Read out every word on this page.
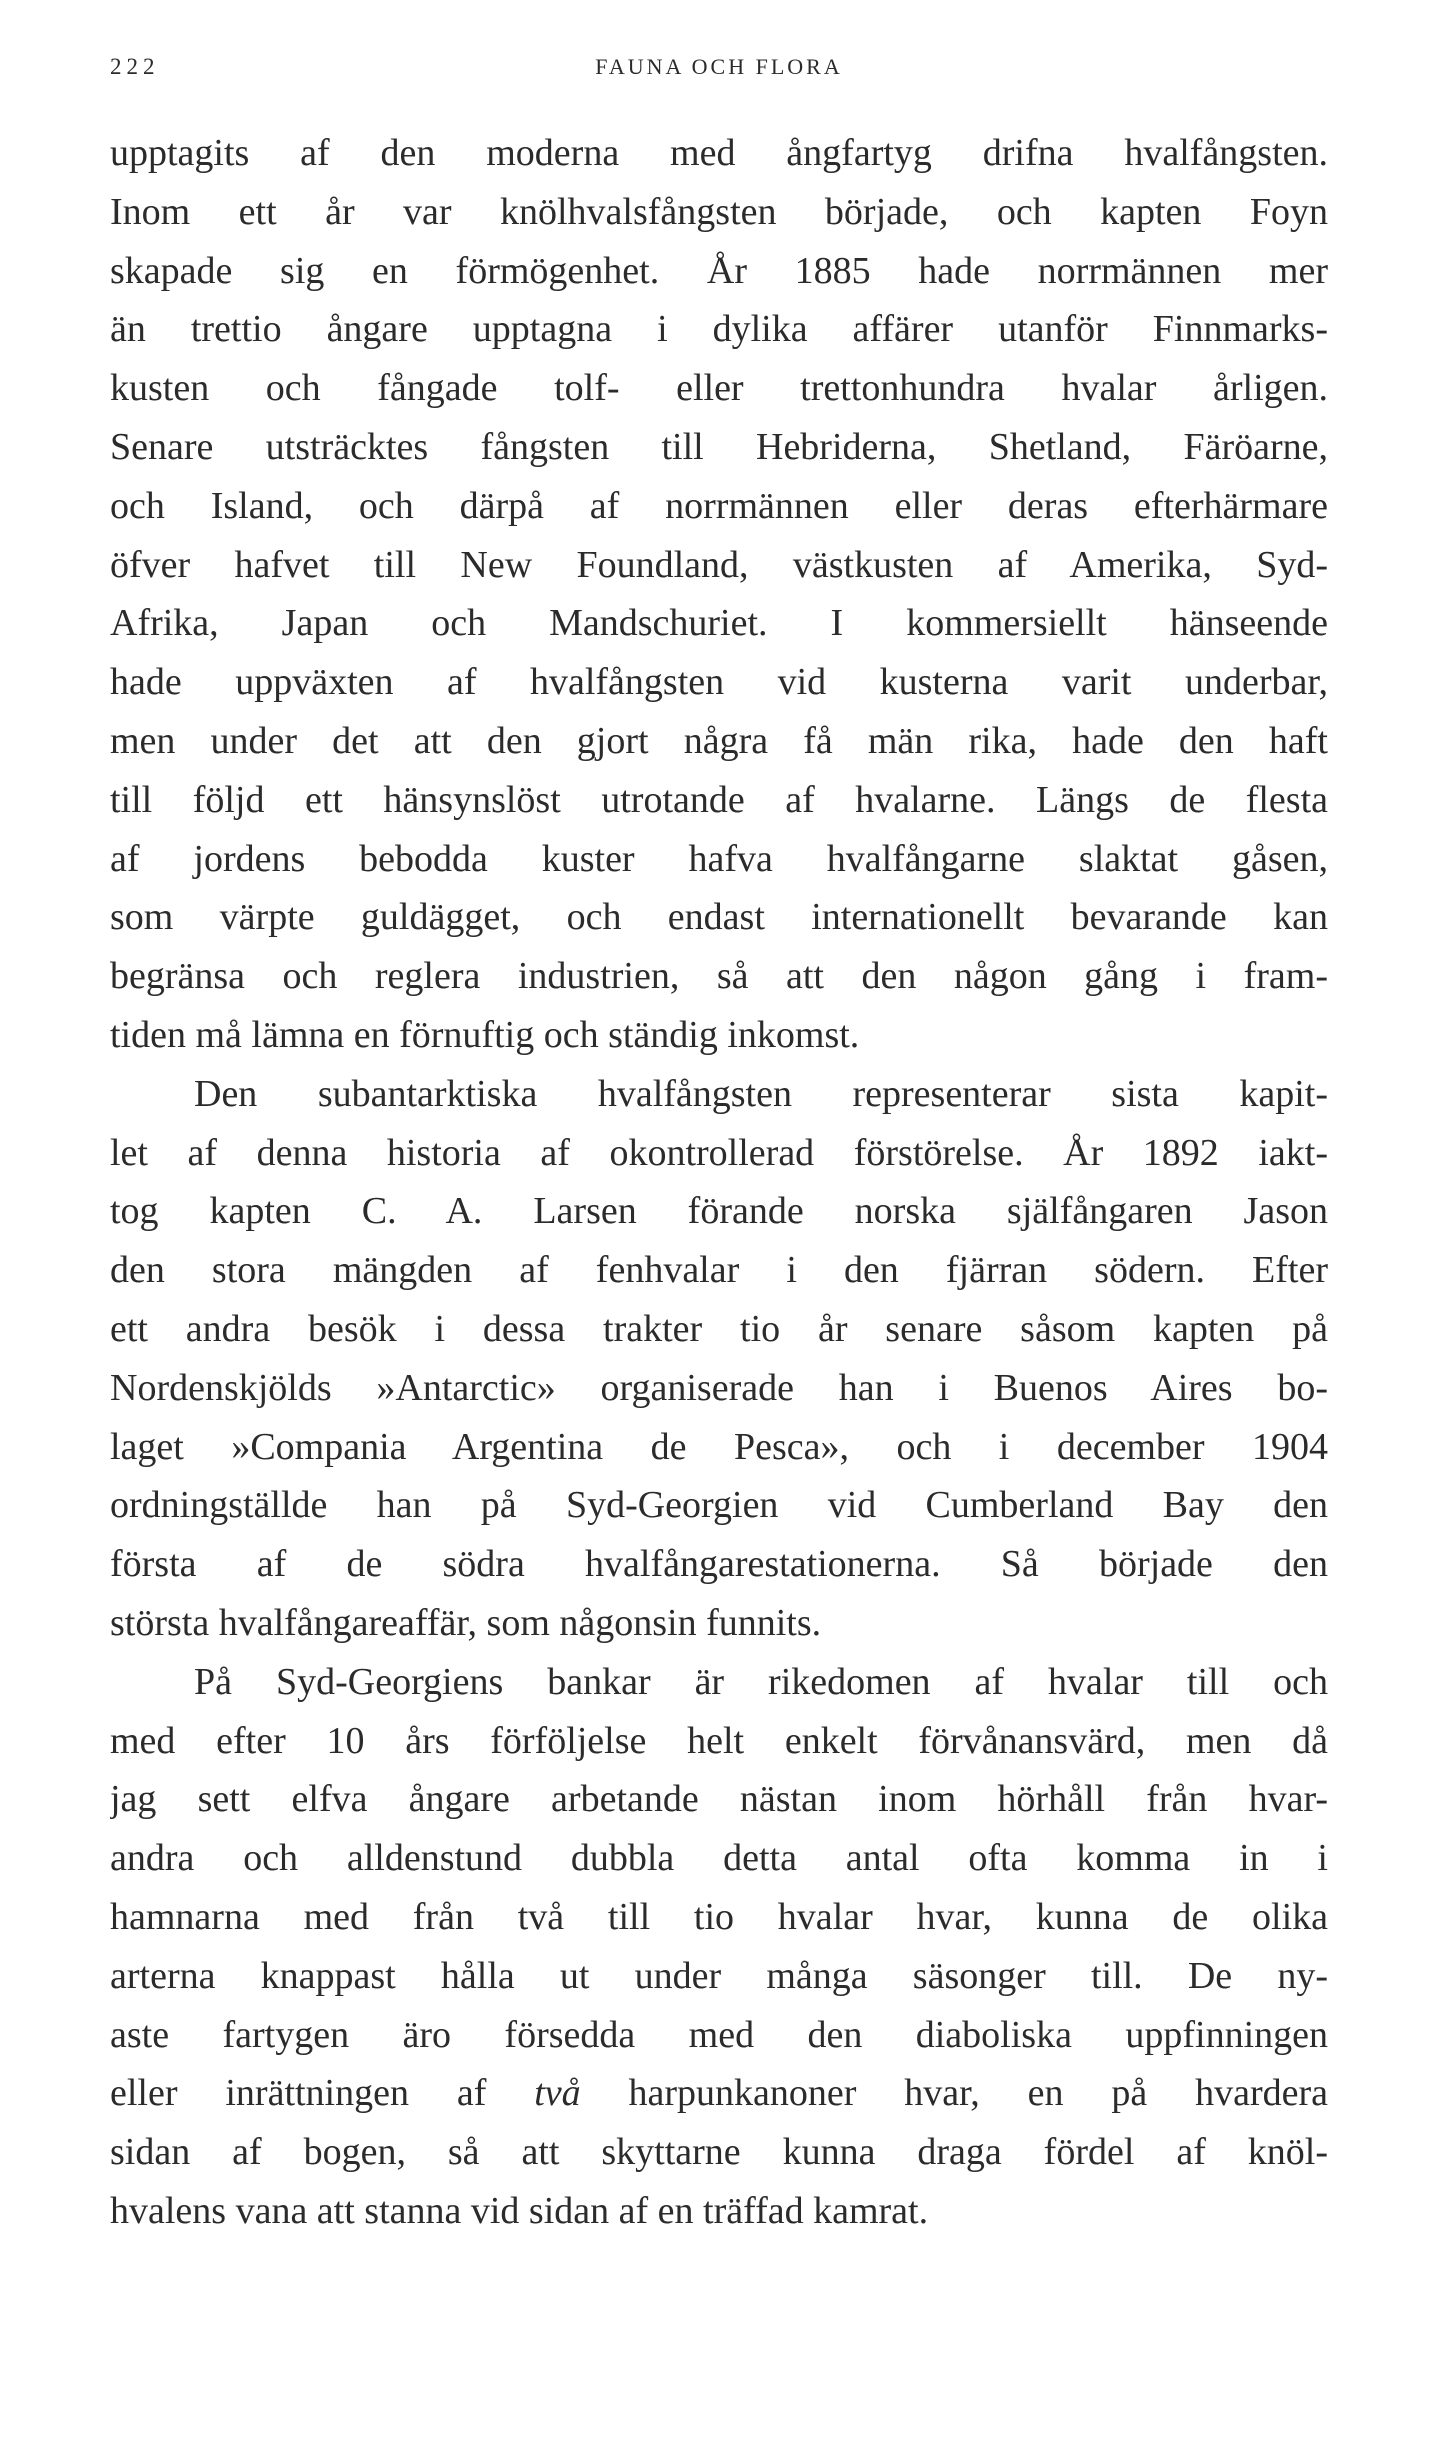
222	FAUNA OCH FLORA
upptagits af den moderna med ångfartyg drifna hvalfångsten.
Inom ett år var knölhvalsfångsten började, och kapten Foyn
skapade sig en förmögenhet. År 1885 hade norrmännen mer
än trettio ångare upptagna i dylika affärer utanför Finnmarks-
kusten och fångade tolf- eller trettonhundra hvalar årligen.
Senare utsträcktes fångsten till Hebriderna, Shetland, Färöarne,
och Island, och därpå af norrmännen eller deras efterhärmare
öfver hafvet till New Foundland, västkusten af Amerika, Syd-
Afrika, Japan och Mandschuriet. I kommersiellt hänseende
hade uppväxten af hvalfångsten vid kusterna varit underbar,
men under det att den gjort några få män rika, hade den haft
till följd ett hänsynslöst utrotande af hvalarne. Längs de flesta
af jordens bebodda kuster hafva hvalfångarne slaktat gåsen,
som värpte guldägget, och endast internationellt bevarande kan
begränsa och reglera industrien, så att den någon gång i fram-
tiden må lämna en förnuftig och ständig inkomst.
Den subantarktiska hvalfångsten representerar sista kapit-
let af denna historia af okontrollerad förstörelse. År 1892 iakt-
tog kapten C. A. Larsen förande norska själfångaren Jason
den stora mängden af fenhvalar i den fjärran södern. Efter
ett andra besök i dessa trakter tio år senare såsom kapten på
Nordenskjölds »Antarctic» organiserade han i Buenos Aires bo-
laget »Compania Argentina de Pesca», och i december 1904
ordningställde han på Syd-Georgien vid Cumberland Bay den
första af de södra hvalfångarestationerna. Så började den
största hvalfångareaffär, som någonsin funnits.
På Syd-Georgiens bankar är rikedomen af hvalar till och
med efter 10 års förföljelse helt enkelt förvånansvärd, men då
jag sett elfva ångare arbetande nästan inom hörhåll från hvar-
andra och alldenstund dubbla detta antal ofta komma in i
hamnarna med från två till tio hvalar hvar, kunna de olika
arterna knappast hålla ut under många säsonger till. De ny-
aste fartygen äro försedda med den diaboliska uppfinningen
eller inrättningen af två harpunkanoner hvar, en på hvardera
sidan af bogen, så att skyttarne kunna draga fördel af knöl-
hvalens vana att stanna vid sidan af en träffad kamrat.
